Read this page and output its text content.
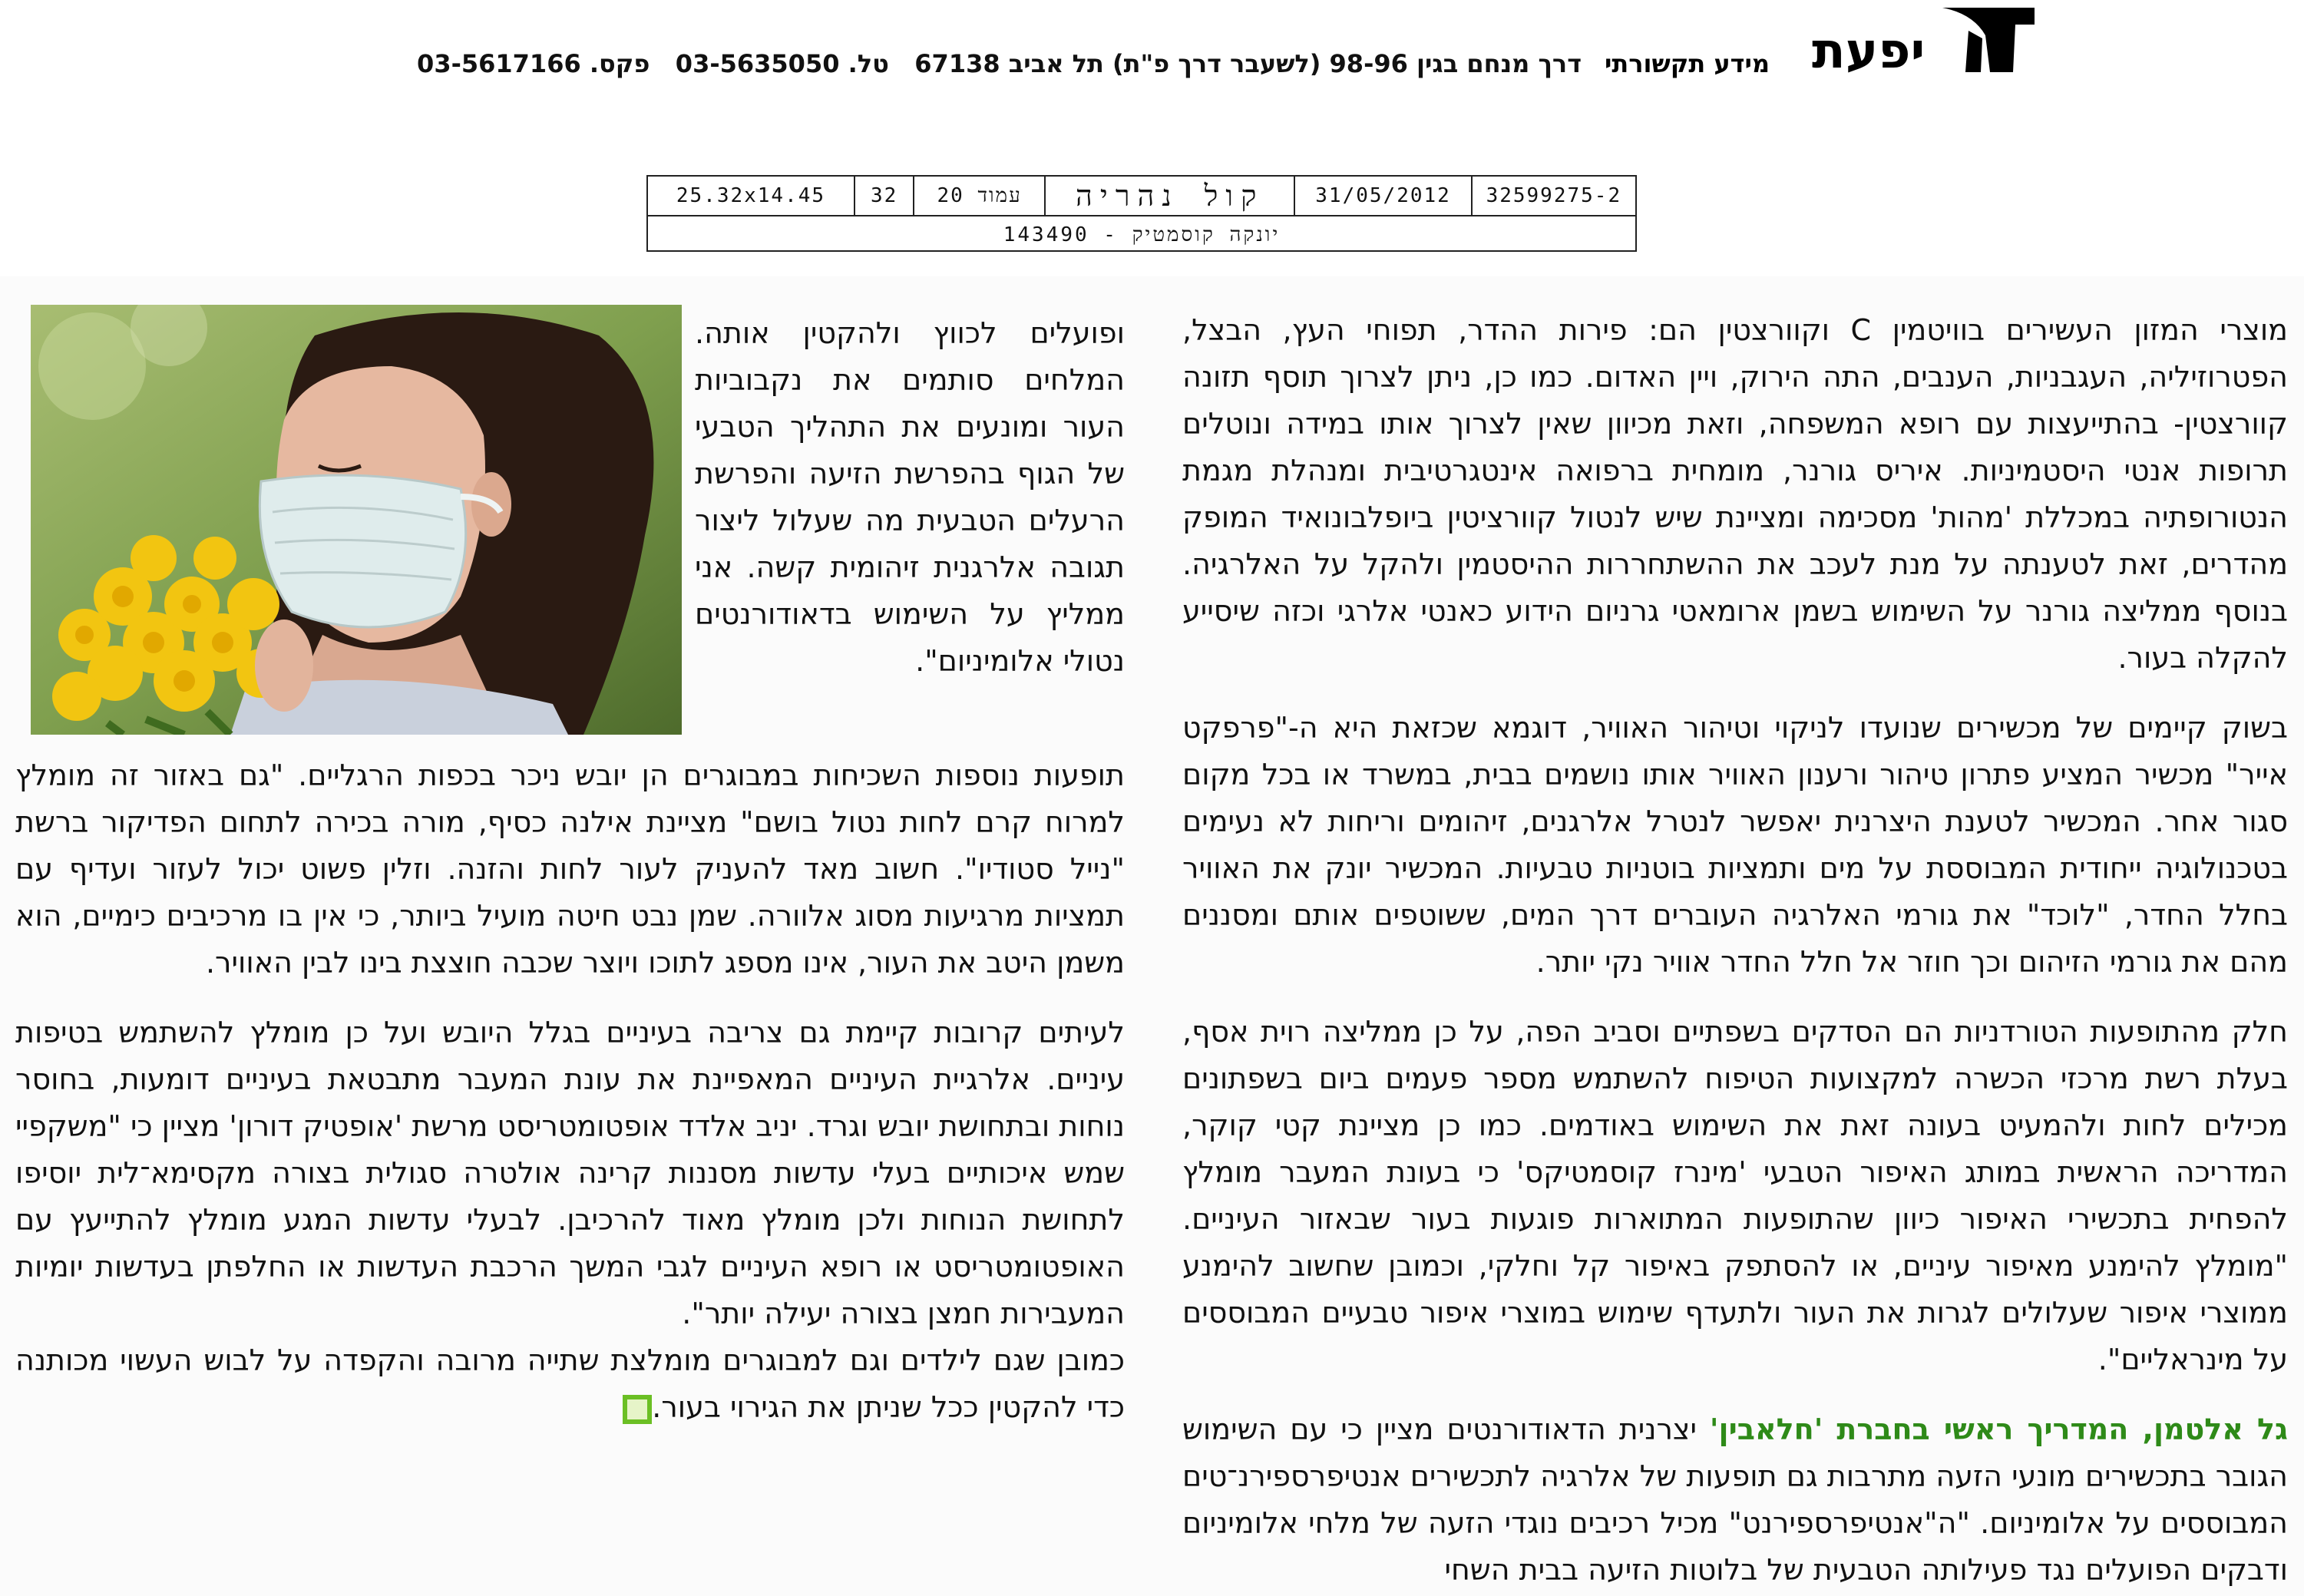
יפעת
מידע תקשורתי
דרך מנחם בגין 98-96 (לשעבר דרך פ"ת) תל אביב 67138   טל. 03-5635050   פקס. 03-5617166
25.32x14.45	32	עמוד 20	קול נהריה	31/05/2012	32599275-2
יונקה קוסמטיק - 143490

מוצרי המזון העשירים בוויטמין C וקוורצטין הם: פירות ההדר, תפוחי העץ, הבצל, הפטרוזיליה, העגבניות, הענבים, התה הירוק, ויין האדום. כמו כן, ניתן לצרוך תוסף תזונה קוורצטין- בהתייעצות עם רופא המשפחה, וזאת מכיוון שאין לצרוך אותו במידה ונוטלים תרופות אנטי היסטמיניות. איריס גורנר, מומחית ברפואה אינטגרטיבית ומנהלת מגמת הנטורופתיה במכללת 'מהות' מסכימה ומציינת שיש לנטול קוורציטין ביופלבונואיד המופק מהדרים, זאת לטענתה על מנת לעכב את ההשתחררות ההיסטמין ולהקל על האלרגיה. בנוסף ממליצה גורנר על השימוש בשמן ארומאטי גרניום הידוע כאנטי אלרגי וכזה שיסייע להקלה בעור.

בשוק קיימים של מכשירים שנועדו לניקוי וטיהור האוויר, דוגמא שכזאת היא ה-"פרפקט אייר" מכשיר המציע פתרון טיהור ורענון האוויר אותו נושמים בבית, במשרד או בכל מקום סגור אחר. המכשיר לטענת היצרנית יאפשר לנטרל אלרגנים, זיהומים וריחות לא נעימים בטכנולוגיה ייחודית המבוססת על מים ותמציות בוטניות טבעיות. המכשיר יונק את האוויר בחלל החדר, "לוכד" את גורמי האלרגיה העוברים דרך המים, ששוטפים אותם ומסננים מהם את גורמי הזיהום וכך חוזר אל חלל החדר אוויר נקי יותר.

חלק מהתופעות הטורדניות הם הסדקים בשפתיים וסביב הפה, על כן ממליצה רוית אסף, בעלת רשת מרכזי הכשרה למקצועות הטיפוח להשתמש מספר פעמים ביום בשפתונים מכילים לחות ולהמעיט בעונה זאת את השימוש באודמים. כמו כן מציינת קטי קוקר, המדריכה הראשית במותג האיפור הטבעי 'מינרז קוסמטיקס' כי בעונת המעבר מומלץ להפחית בתכשירי האיפור כיוון שהתופעות המתוארות פוגעות בעור שבאזור העיניים. "מומלץ להימנע מאיפור עיניים, או להסתפק באיפור קל וחלקי, וכמובן שחשוב להימנע ממוצרי איפור שעלולים לגרות את העור ולתעדף שימוש במוצרי איפור טבעיים המבוססים על מינראליים".

גל אלטמן, המדריך ראשי בחברת 'חלאבין' יצרנית הדאודורנטים מציין כי עם השימוש הגובר בתכשירים מונעי הזעה מתרבות גם תופעות של אלרגיה לתכשירים אנטיפרספירנ־טים המבוססים על אלומיניום. "ה"אנטיפרספירנט" מכיל רכיבים נוגדי הזעה של מלחי אלומיניום ודבקים הפועלים נגד פעילותה הטבעית של בלוטות הזיעה בבית השחי

ופועלים לכווץ ולהקטין אותה. המלחים סותמים את נקבוביות העור ומונעים את התהליך הטבעי של הגוף בהפרשת הזיעה והפרשת הרעלים הטבעית מה שעלול ליצור תגובה אלרגנית זיהומית קשה. אני ממליץ על השימוש בדאודורנטים נטולי אלומיניום".

תופעות נוספות השכיחות במבוגרים הן יובש ניכר בכפות הרגליים. "גם באזור זה מומלץ למרוח קרם לחות נטול בושם" מציינת אילנה כסיף, מורה בכירה לתחום הפדיקור ברשת "נייל סטודיו". חשוב מאד להעניק לעור לחות והזנה. וזלין פשוט יכול לעזור ועדיף עם תמציות מרגיעות מסוג אלוורה. שמן נבט חיטה מועיל ביותר, כי אין בו מרכיבים כימיים, הוא משמן היטב את העור, אינו מספג לתוכו ויוצר שכבה חוצצת בינו לבין האוויר.

לעיתים קרובות קיימת גם צריבה בעיניים בגלל היובש ועל כן מומלץ להשתמש בטיפות עיניים. אלרגיית העיניים המאפיינת את עונת המעבר מתבטאת בעיניים דומעות, בחוסר נוחות ובתחושת יובש וגרד. יניב אלדד אופטומטריסט מרשת 'אופטיק דורון' מציין כי "משקפיי שמש איכותיים בעלי עדשות מסננות קרינה אולטרה סגולית בצורה מקסימא־לית יוסיפו לתחושת הנוחות ולכן מומלץ מאוד להרכיבן. לבעלי עדשות המגע מומלץ להתייעץ עם האופטומטריסט או רופא העיניים לגבי המשך הרכבת העדשות או החלפתן בעדשות יומיות המעבירות חמצן בצורה יעילה יותר".

כמובן שגם לילדים וגם למבוגרים מומלצת שתייה מרובה והקפדה על לבוש העשוי מכותנה כדי להקטין ככל שניתן את הגירוי בעור.
